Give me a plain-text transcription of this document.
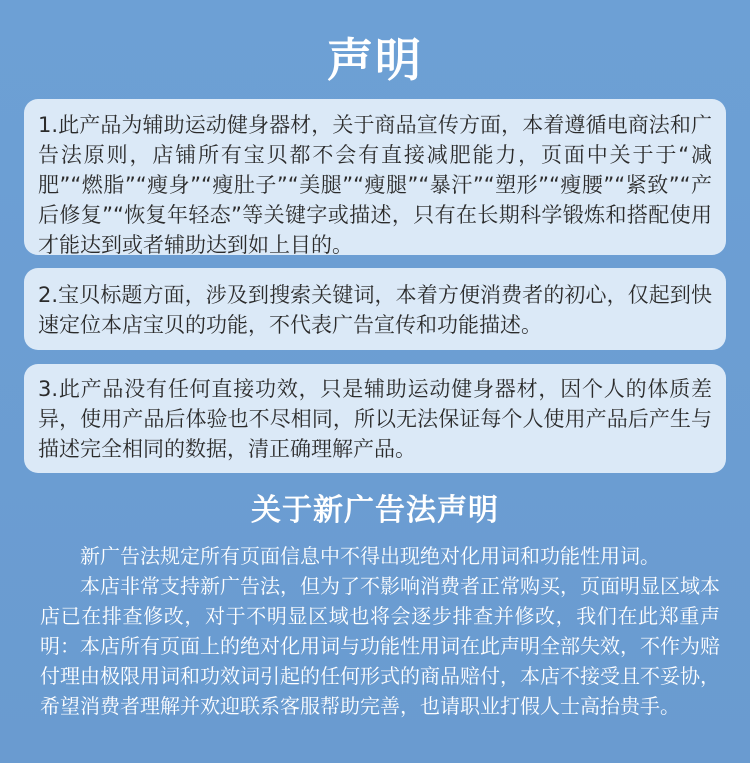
声明

1.此产品为辅助运动健身器材，关于商品宣传方面，本着遵循电商法和广告法原则，店铺所有宝贝都不会有直接减肥能力，页面中关于于“减肥”“燃脂”“瘦身”“瘦肚子”“美腿”“瘦腿”“暴汗”“塑形”“瘦腰”“紧致”“产后修复”“恢复年轻态”等关键字或描述，只有在长期科学锻炼和搭配使用才能达到或者辅助达到如上目的。

2.宝贝标题方面，涉及到搜索关键词，本着方便消费者的初心，仅起到快速定位本店宝贝的功能，不代表广告宣传和功能描述。

3.此产品没有任何直接功效，只是辅助运动健身器材，因个人的体质差异，使用产品后体验也不尽相同，所以无法保证每个人使用产品后产生与描述完全相同的数据，清正确理解产品。

关于新广告法声明

新广告法规定所有页面信息中不得出现绝对化用词和功能性用词。

本店非常支持新广告法，但为了不影响消费者正常购买，页面明显区域本店已在排查修改，对于不明显区域也将会逐步排查并修改，我们在此郑重声明：本店所有页面上的绝对化用词与功能性用词在此声明全部失效，不作为赔付理由极限用词和功效词引起的任何形式的商品赔付，本店不接受且不妥协，希望消费者理解并欢迎联系客服帮助完善，也请职业打假人士高抬贵手。
